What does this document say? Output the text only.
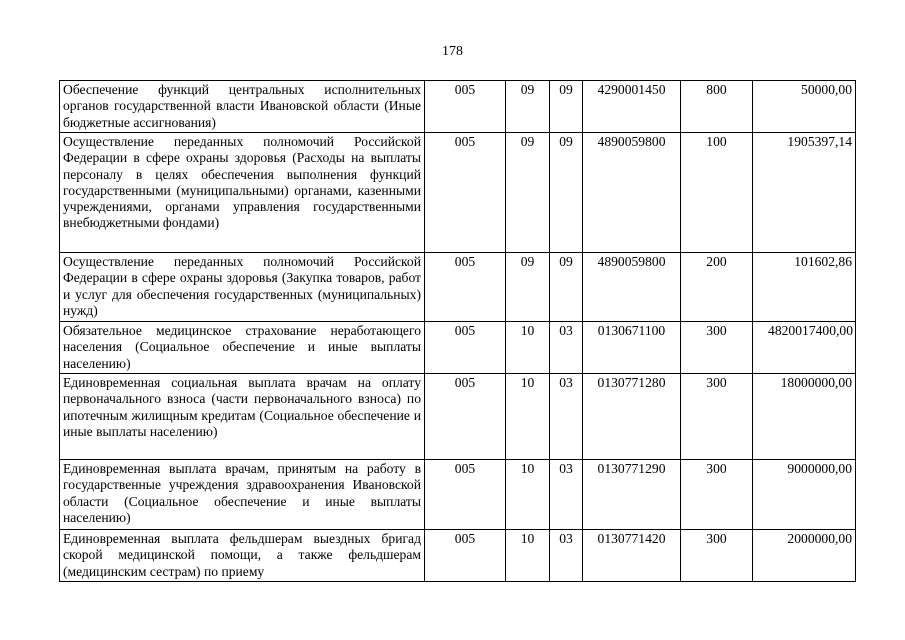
178
Обеспечение функций центральных исполнительных органов государственной власти Ивановской области (Иные бюджетные ассигнования)	005	09	09	4290001450	800	50000,00
Осуществление переданных полномочий Российской Федерации в сфере охраны здоровья (Расходы на выплаты персоналу в целях обеспечения выполнения функций государственными (муниципальными) органами, казенными учреждениями, органами управления государственными внебюджетными фондами)	005	09	09	4890059800	100	1905397,14
Осуществление переданных полномочий Российской Федерации в сфере охраны здоровья (Закупка товаров, работ и услуг для обеспечения государственных (муниципальных) нужд)	005	09	09	4890059800	200	101602,86
Обязательное медицинское страхование неработающего населения (Социальное обеспечение и иные выплаты населению)	005	10	03	0130671100	300	4820017400,00
Единовременная социальная выплата врачам на оплату первоначального взноса (части первоначального взноса) по ипотечным жилищным кредитам (Социальное обеспечение и иные выплаты населению)	005	10	03	0130771280	300	18000000,00
Единовременная выплата врачам, принятым на работу в государственные учреждения здравоохранения Ивановской области (Социальное обеспечение и иные выплаты населению)	005	10	03	0130771290	300	9000000,00
Единовременная выплата фельдшерам выездных бригад скорой медицинской помощи, а также фельдшерам (медицинским сестрам) по приему	005	10	03	0130771420	300	2000000,00
